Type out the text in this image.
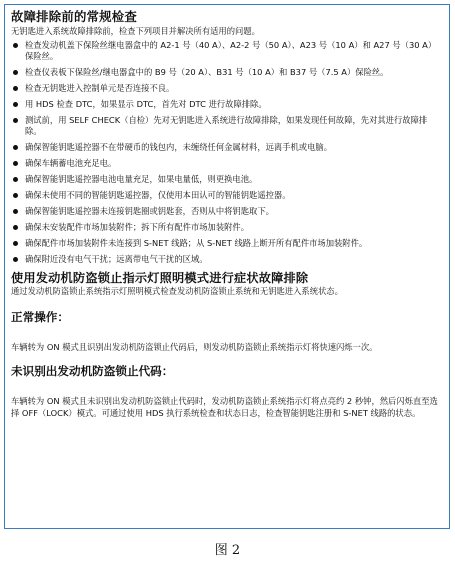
故障排除前的常规检查

无钥匙进入系统故障排除前，检查下列项目并解决所有适用的问题。

检查发动机盖下保险丝继电器盒中的 A2-1 号（40 A）、A2-2 号（50 A）、A23 号（10 A）和 A27 号（30 A）保险丝。
检查仪表板下保险丝/继电器盒中的 B9 号（20 A）、B31 号（10 A）和 B37 号（7.5 A）保险丝。
检查无钥匙进入控制单元是否连接不良。
用 HDS 检查 DTC，如果显示 DTC，首先对 DTC 进行故障排除。
测试前，用 SELF CHECK（自检）先对无钥匙进入系统进行故障排除，如果发现任何故障，先对其进行故障排除。
确保智能钥匙遥控器不在带硬币的钱包内，未缠绕任何金属材料，远离手机或电脑。
确保车辆蓄电池充足电。
确保智能钥匙遥控器电池电量充足，如果电量低，则更换电池。
确保未使用不同的智能钥匙遥控器，仅使用本田认可的智能钥匙遥控器。
确保智能钥匙遥控器未连接钥匙圈或钥匙套，否则从中将钥匙取下。
确保未安装配件市场加装附件；拆下所有配件市场加装附件。
确保配件市场加装附件未连接到 S-NET 线路；从 S-NET 线路上断开所有配件市场加装附件。
确保附近没有电气干扰；远离带电气干扰的区域。
使用发动机防盗锁止指示灯照明模式进行症状故障排除

通过发动机防盗锁止系统指示灯照明模式检查发动机防盗锁止系统和无钥匙进入系统状态。

正常操作：

车辆转为 ON 模式且识别出发动机防盗锁止代码后，则发动机防盗锁止系统指示灯将快速闪烁一次。

未识别出发动机防盗锁止代码：

车辆转为 ON 模式且未识别出发动机防盗锁止代码时，发动机防盗锁止系统指示灯将点亮约 2 秒钟，然后闪烁直至选择 OFF（LOCK）模式。可通过使用 HDS 执行系统检查和状态日志，检查智能钥匙注册和 S-NET 线路的状态。

图 2
